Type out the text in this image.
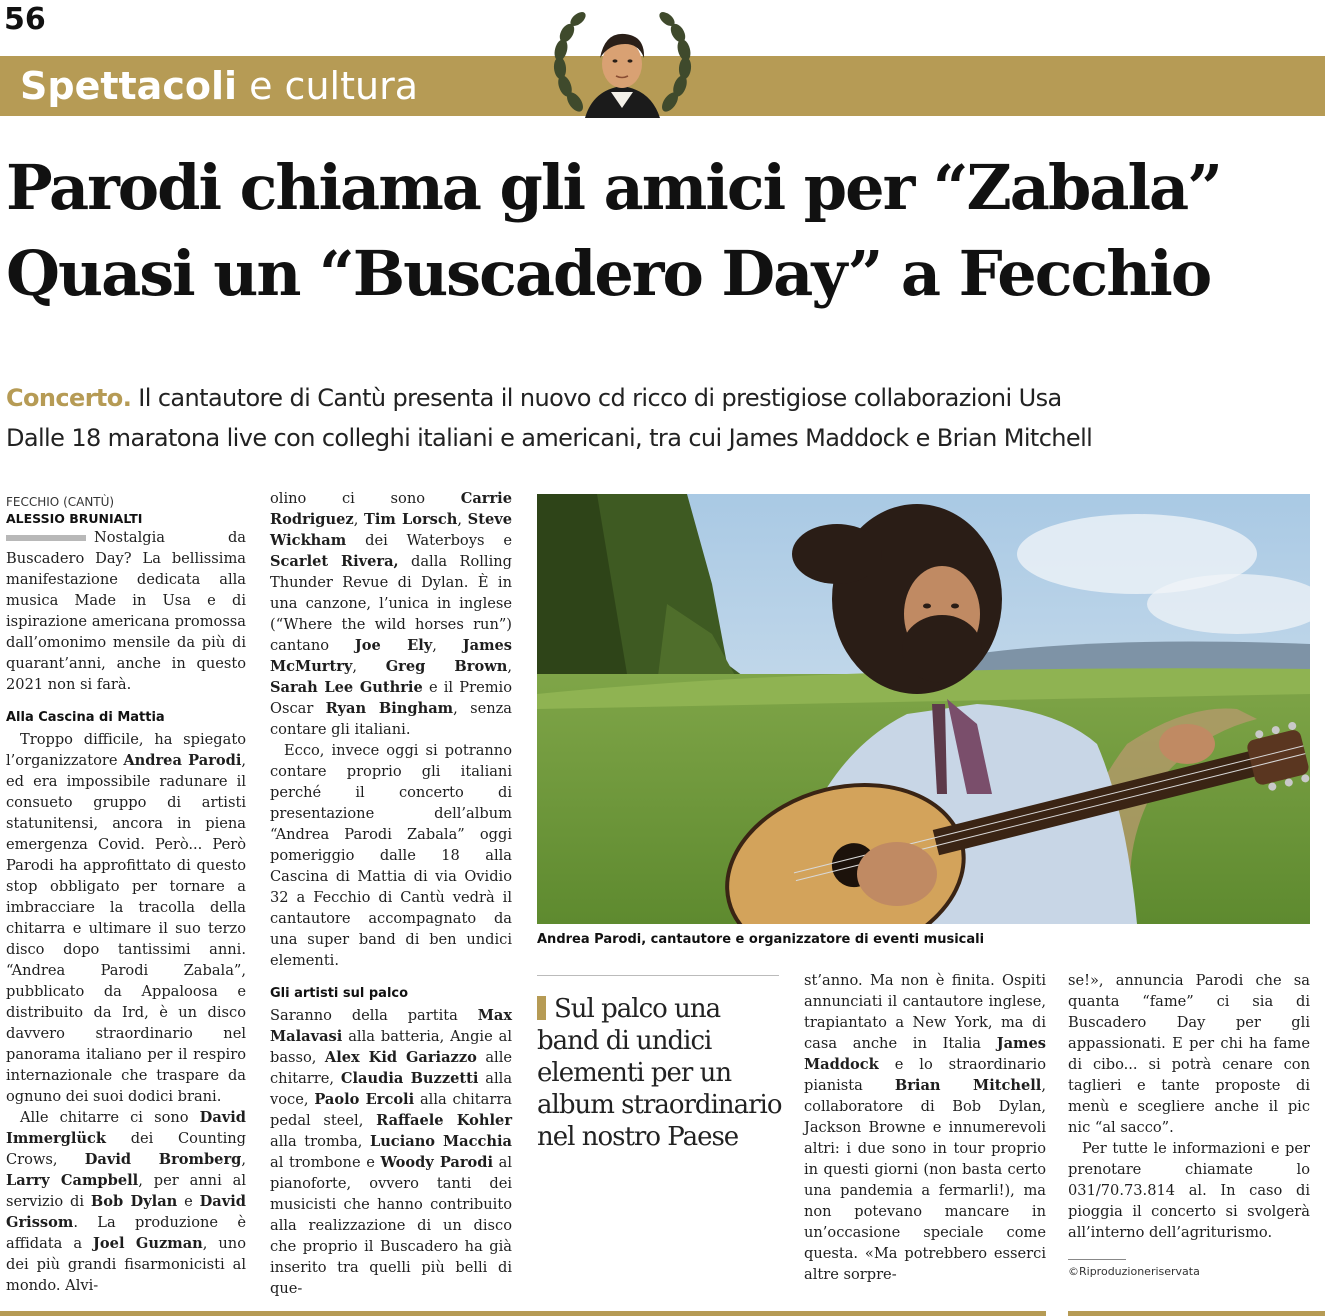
56
Spettacoli e cultura
Parodi chiama gli amici per “Zabala”
Quasi un “Buscadero Day” a Fecchio
Concerto. Il cantautore di Cantù presenta il nuovo cd ricco di prestigiose collaborazioni Usa
Dalle 18 maratona live con colleghi italiani e americani, tra cui James Maddock e Brian Mitchell
FECCHIO (CANTÙ)
ALESSIO BRUNIALTI

Nostalgia da Buscadero Day? La bellissima manifestazione dedicata alla musica Made in Usa e di ispirazione americana promossa dall’omonimo mensile da più di quarant’anni, anche in questo 2021 non si farà.

Alla Cascina di Mattia

Troppo difficile, ha spiegato l’organizzatore Andrea Parodi, ed era impossibile radunare il consueto gruppo di artisti statunitensi, ancora in piena emergenza Covid. Però... Però Parodi ha approfittato di questo stop obbligato per tornare a imbracciare la tracolla della chitarra e ultimare il suo terzo disco dopo tantissimi anni. “Andrea Parodi Zabala”, pubblicato da Appaloosa e distribuito da Ird, è un disco davvero straordinario nel panorama italiano per il respiro internazionale che traspare da ognuno dei suoi dodici brani.

Alle chitarre ci sono David Immerglück dei Counting Crows, David Bromberg, Larry Campbell, per anni al servizio di Bob Dylan e David Grissom. La produzione è affidata a Joel Guzman, uno dei più grandi fisarmonicisti al mondo. Alvi-

olino ci sono Carrie Rodriguez, Tim Lorsch, Steve Wickham dei Waterboys e Scarlet Rivera, dalla Rolling Thunder Revue di Dylan. È in una canzone, l’unica in inglese (“Where the wild horses run”) cantano Joe Ely, James McMurtry, Greg Brown, Sarah Lee Guthrie e il Premio Oscar Ryan Bingham, senza contare gli italiani.

Ecco, invece oggi si potranno contare proprio gli italiani perché il concerto di presentazione dell’album “Andrea Parodi Zabala” oggi pomeriggio dalle 18 alla Cascina di Mattia di via Ovidio 32 a Fecchio di Cantù vedrà il cantautore accompagnato da una super band di ben undici elementi.

Gli artisti sul palco

Saranno della partita Max Malavasi alla batteria, Angie al basso, Alex Kid Gariazzo alle chitarre, Claudia Buzzetti alla voce, Paolo Ercoli alla chitarra pedal steel, Raffaele Kohler alla tromba, Luciano Macchia al trombone e Woody Parodi al pianoforte, ovvero tanti dei musicisti che hanno contribuito alla realizzazione di un disco che proprio il Buscadero ha già inserito tra quelli più belli di que-

Andrea Parodi, cantautore e organizzatore di eventi musicali
Sul palco una band di undici elementi per un album straordinario nel nostro Paese

st’anno. Ma non è finita. Ospiti annunciati il cantautore inglese, trapiantato a New York, ma di casa anche in Italia James Maddock e lo straordinario pianista Brian Mitchell, collaboratore di Bob Dylan, Jackson Browne e innumerevoli altri: i due sono in tour proprio in questi giorni (non basta certo una pandemia a fermarli!), ma non potevano mancare in un’occasione speciale come questa. «Ma potrebbero esserci altre sorpre-

se!», annuncia Parodi che sa quanta “fame” ci sia di Buscadero Day per gli appassionati. E per chi ha fame di cibo... si potrà cenare con taglieri e tante proposte di menù e scegliere anche il pic nic “al sacco”.

Per tutte le informazioni e per prenotare chiamate lo 031/70.73.814 al. In caso di pioggia il concerto si svolgerà all’interno dell’agriturismo.

©Riproduzioneriservata
